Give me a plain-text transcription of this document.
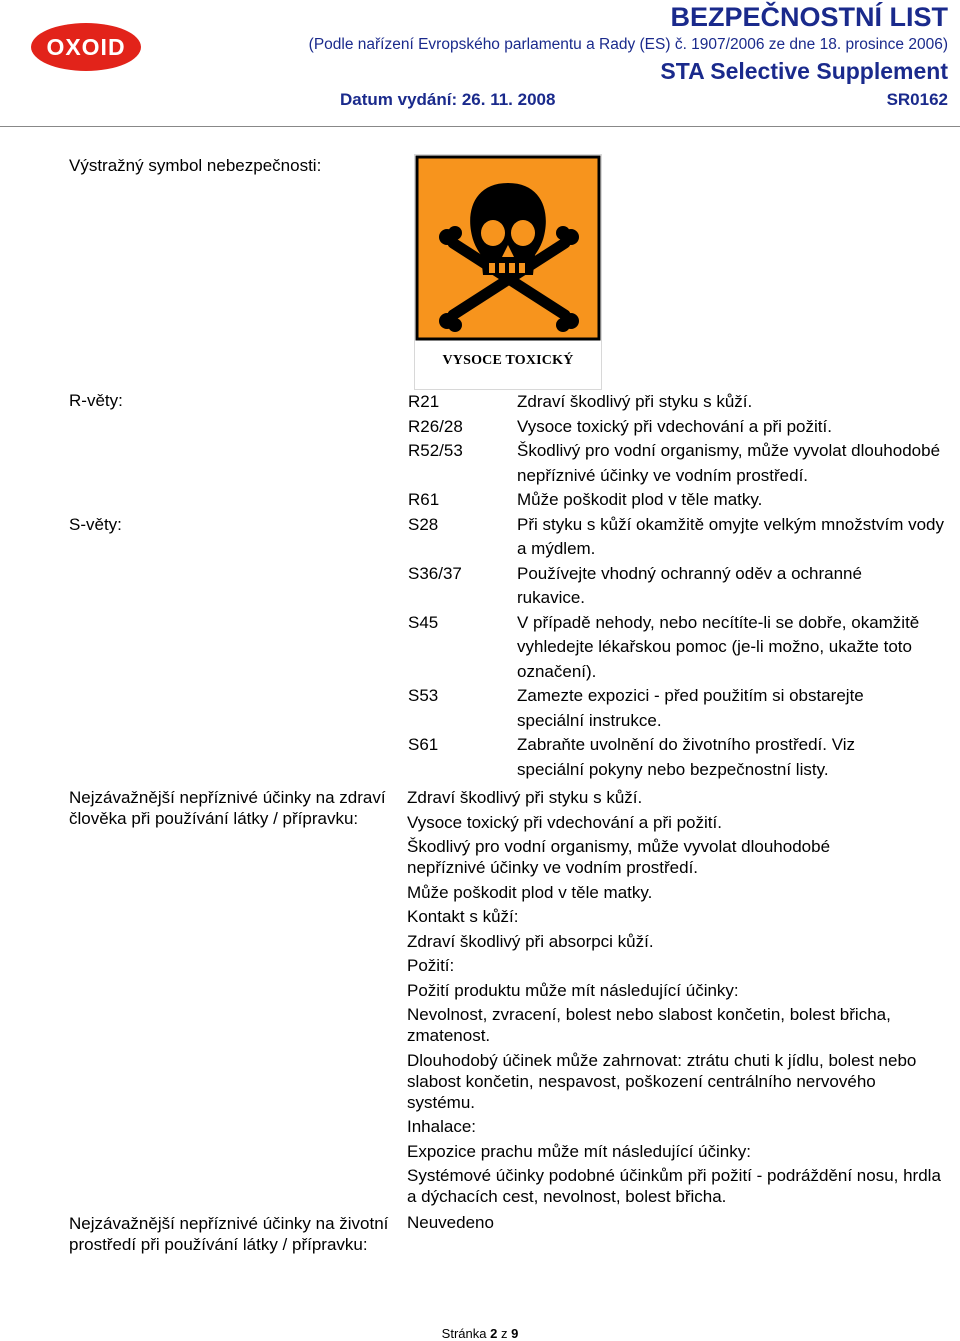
OXOID
BEZPEČNOSTNÍ LIST
(Podle nařízení Evropského parlamentu a Rady (ES) č. 1907/2006 ze dne 18. prosince 2006)
STA Selective Supplement
Datum vydání: 26. 11. 2008	SR0162
Výstražný symbol nebezpečnosti:
VYSOCE TOXICKÝ
R-věty:
S-věty:
R21
R26/28
R52/53
R61
S28
S36/37
S45
S53
S61
Zdraví škodlivý při styku s kůží.
Vysoce toxický při vdechování a při požití.
Škodlivý pro vodní organismy, může vyvolat dlouhodobé nepříznivé účinky ve vodním prostředí.
Může poškodit plod v těle matky.
Při styku s kůží okamžitě omyjte velkým množstvím vody a mýdlem.
Používejte vhodný ochranný oděv a ochranné rukavice.
V případě nehody, nebo necítíte-li se dobře, okamžitě vyhledejte lékařskou pomoc (je-li možno, ukažte toto označení).
Zamezte expozici - před použitím si obstarejte speciální instrukce.
Zabraňte uvolnění do životního prostředí. Viz speciální pokyny nebo bezpečnostní listy.
Nejzávažnější nepříznivé účinky na zdraví člověka při používání látky / přípravku:

Zdraví škodlivý při styku s kůží.

Vysoce toxický při vdechování a při požití.

Škodlivý pro vodní organismy, může vyvolat dlouhodobé nepříznivé účinky ve vodním prostředí.

Může poškodit plod v těle matky.

Kontakt s kůží:

Zdraví škodlivý při absorpci kůží.

Požití:

Požití produktu může mít následující účinky:

Nevolnost, zvracení, bolest nebo slabost končetin, bolest břicha, zmatenost.

Dlouhodobý účinek může zahrnovat: ztrátu chuti k jídlu, bolest nebo slabost končetin, nespavost, poškození centrálního nervového systému.

Inhalace:

Expozice prachu může mít následující účinky:

Systémové účinky podobné účinkům při požití - podráždění nosu, hrdla a dýchacích cest, nevolnost, bolest břicha.

Nejzávažnější nepříznivé účinky na životní prostředí při používání látky / přípravku:
Neuvedeno
Stránka 2 z 9
